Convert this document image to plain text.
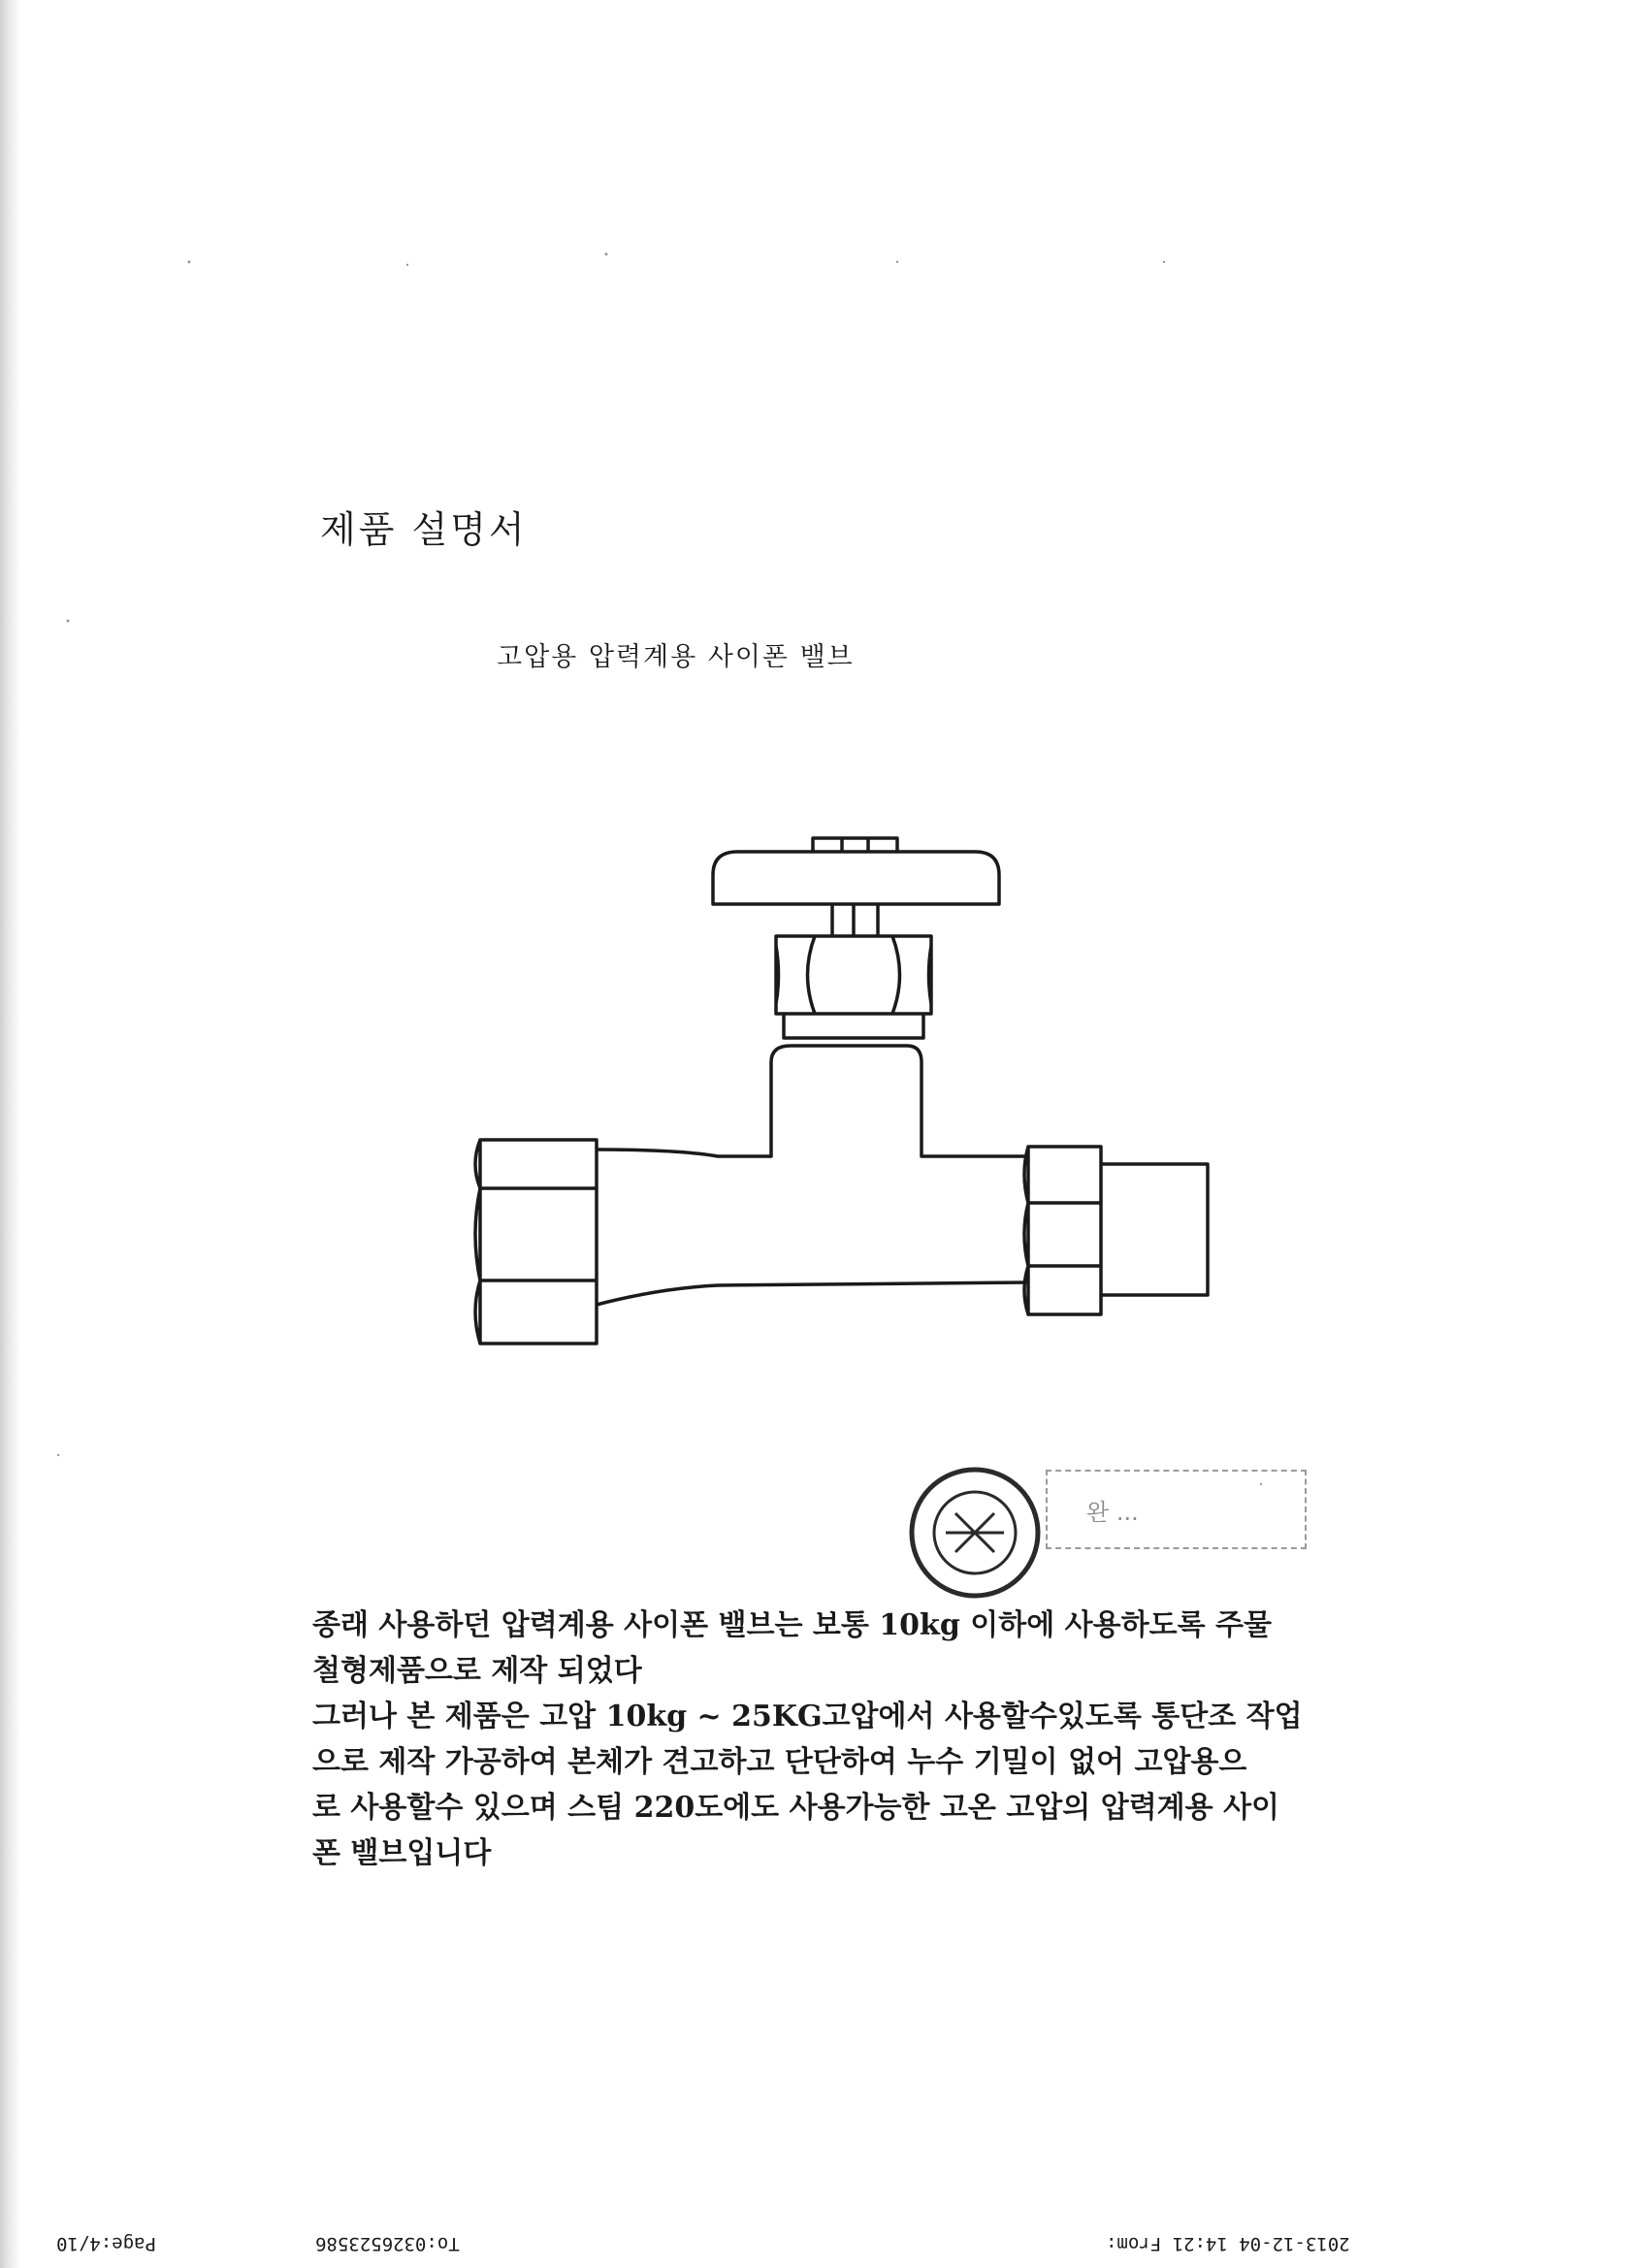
제품 설명서
고압용 압력계용 사이폰 밸브
완 ...

종래 사용하던 압력계용 사이폰 밸브는 보통 10kg 이하에 사용하도록 주물

철형제품으로 제작 되었다

그러나 본 제품은 고압 10kg ~ 25KG고압에서 사용할수있도록 통단조 작업

으로 제작 가공하여 본체가 견고하고 단단하여 누수 기밀이 없어 고압용으

로 사용할수 있으며 스팀 220도에도 사용가능한 고온 고압의 압력계용 사이

폰 밸브입니다

Page:4/10	To:0326523586	2013-12-04 14:21 From:
